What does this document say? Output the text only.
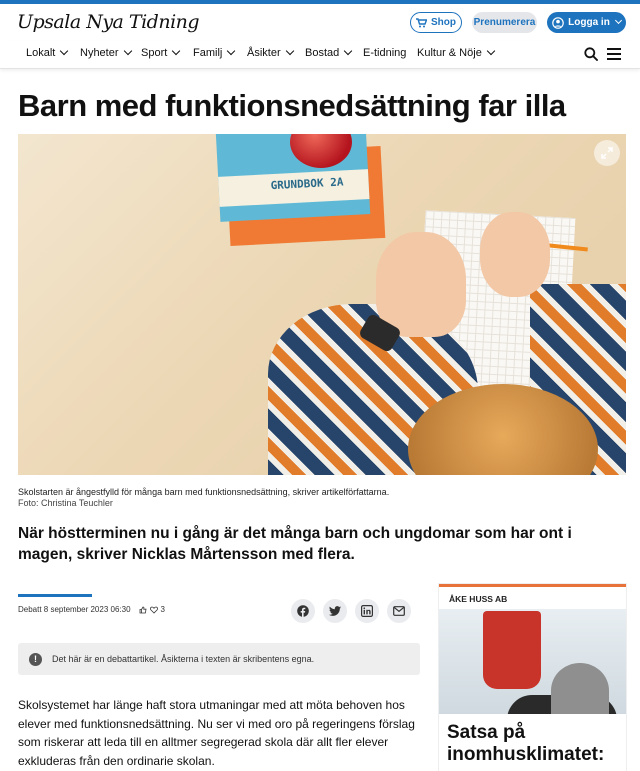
Upsala Nya Tidning	Shop Prenumerera	Logga in
Lokalt Nyheter Sport Familj Åsikter Bostad E-tidning Kultur & Nöje
Barn med funktionsnedsättning far illa
GRUNDBOK 2A

Skolstarten är ångestfylld för många barn med funktionsnedsättning, skriver artikelförfattarna.

Foto: Christina Teuchler

När höstterminen nu i gång är det många barn och ungdomar som har ont i magen, skriver Nicklas Mårtensson med flera.

Debatt 8 september 2023 06:30	3
!	Det här är en debattartikel. Åsikterna i texten är skribentens egna.

Skolsystemet har länge haft stora utmaningar med att möta behoven hos elever med funktionsnedsättning. Nu ser vi med oro på regeringens förslag som riskerar att leda till en alltmer segregerad skola där allt fler elever exkluderas från den ordinarie skolan.

ÅKE HUSS AB
Satsa på inomhusklimatet:
